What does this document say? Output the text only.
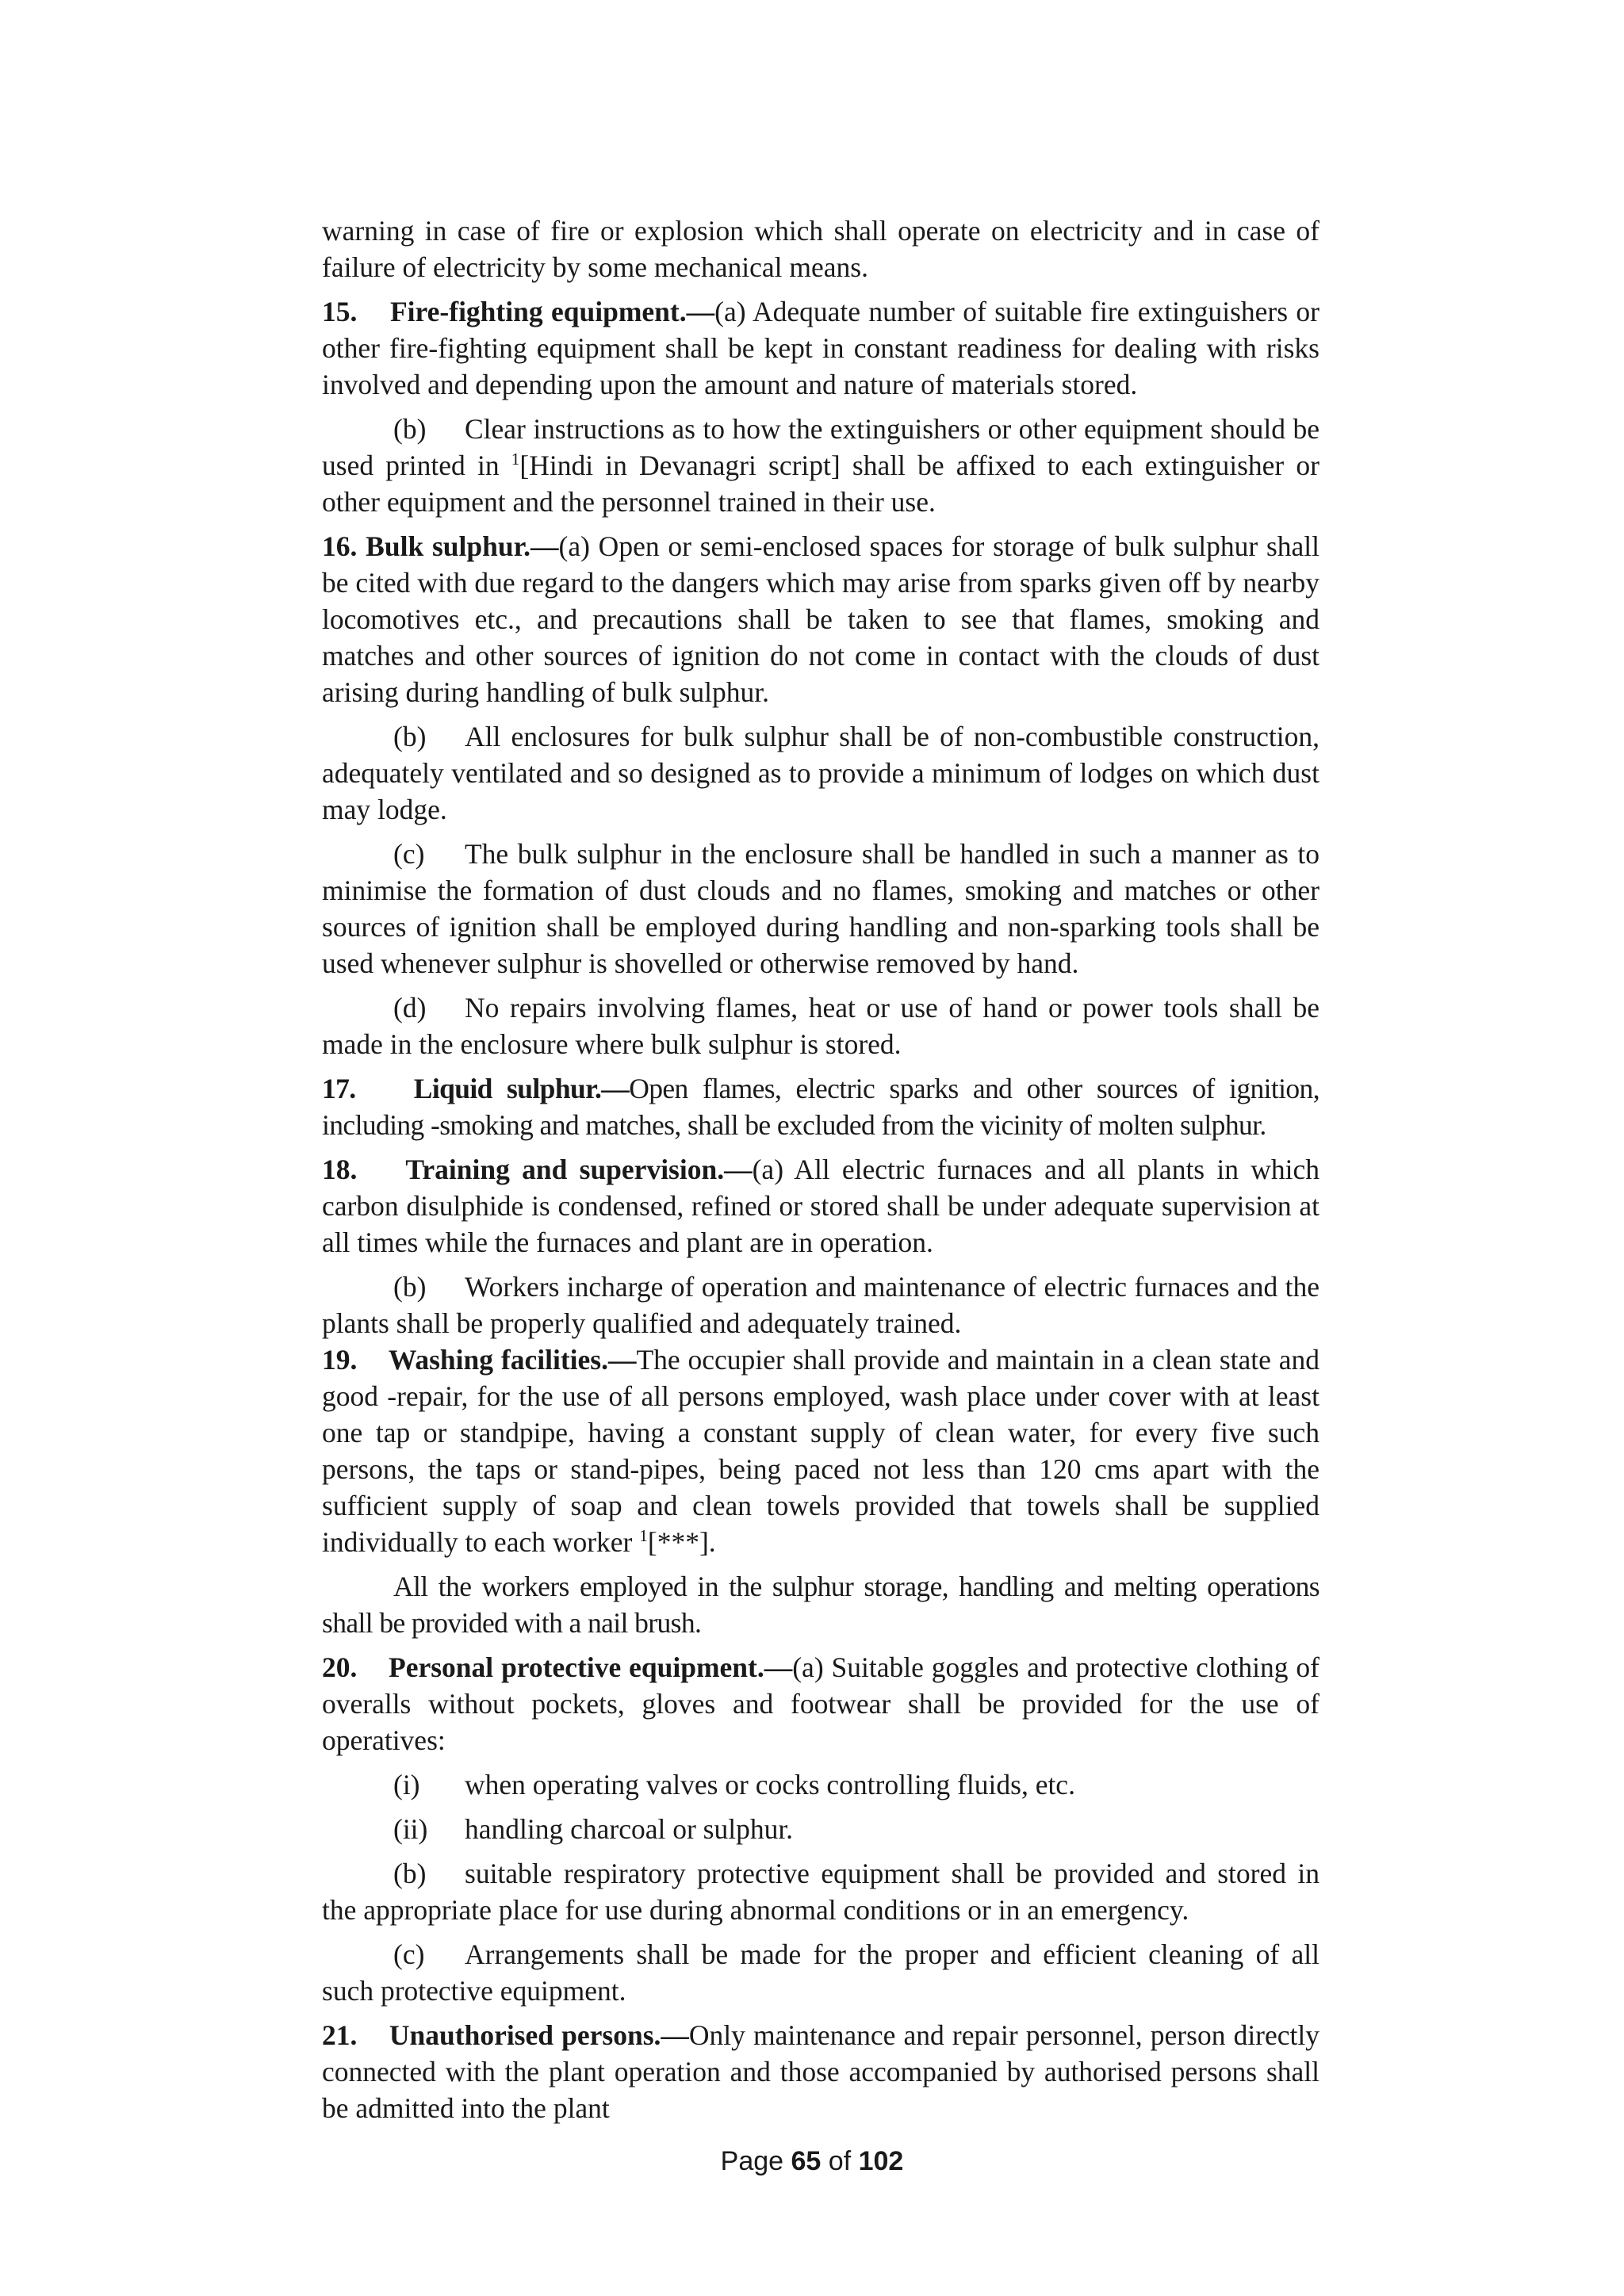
warning in case of fire or explosion which shall operate on electricity and in case of failure of electricity by some mechanical means.

15. Fire-fighting equipment.—(a) Adequate number of suitable fire extinguishers or other fire-fighting equipment shall be kept in constant readiness for dealing with risks involved and depending upon the amount and nature of materials stored.

(b) Clear instructions as to how the extinguishers or other equipment should be used printed in $^1$[Hindi in Devanagri script] shall be affixed to each extinguisher or other equipment and the personnel trained in their use.

16. Bulk sulphur.—(a) Open or semi-enclosed spaces for storage of bulk sulphur shall be cited with due regard to the dangers which may arise from sparks given off by nearby locomotives etc., and precautions shall be taken to see that flames, smoking and matches and other sources of ignition do not come in contact with the clouds of dust arising during handling of bulk sulphur.

(b) All enclosures for bulk sulphur shall be of non-combustible construction, adequately ventilated and so designed as to provide a minimum of lodges on which dust may lodge.

(c) The bulk sulphur in the enclosure shall be handled in such a manner as to minimise the formation of dust clouds and no flames, smoking and matches or other sources of ignition shall be employed during handling and non-sparking tools shall be used whenever sulphur is shovelled or otherwise removed by hand.

(d) No repairs involving flames, heat or use of hand or power tools shall be made in the enclosure where bulk sulphur is stored.

17. Liquid sulphur.—Open flames, electric sparks and other sources of ignition, including -smoking and matches, shall be excluded from the vicinity of molten sulphur.

18. Training and supervision.—(a) All electric furnaces and all plants in which carbon disulphide is condensed, refined or stored shall be under adequate supervision at all times while the furnaces and plant are in operation.

(b) Workers incharge of operation and maintenance of electric furnaces and the plants shall be properly qualified and adequately trained.

19. Washing facilities.—The occupier shall provide and maintain in a clean state and good -repair, for the use of all persons employed, wash place under cover with at least one tap or standpipe, having a constant supply of clean water, for every five such persons, the taps or stand-pipes, being paced not less than 120 cms apart with the sufficient supply of soap and clean towels provided that towels shall be supplied individually to each worker $^1$[***].

All the workers employed in the sulphur storage, handling and melting operations shall be provided with a nail brush.

20. Personal protective equipment.—(a) Suitable goggles and protective clothing of overalls without pockets, gloves and footwear shall be provided for the use of operatives:

(i) when operating valves or cocks controlling fluids, etc.

(ii) handling charcoal or sulphur.

(b) suitable respiratory protective equipment shall be provided and stored in the appropriate place for use during abnormal conditions or in an emergency.

(c) Arrangements shall be made for the proper and efficient cleaning of all such protective equipment.

21. Unauthorised persons.—Only maintenance and repair personnel, person directly connected with the plant operation and those accompanied by authorised persons shall be admitted into the plant

Page 65 of 102
